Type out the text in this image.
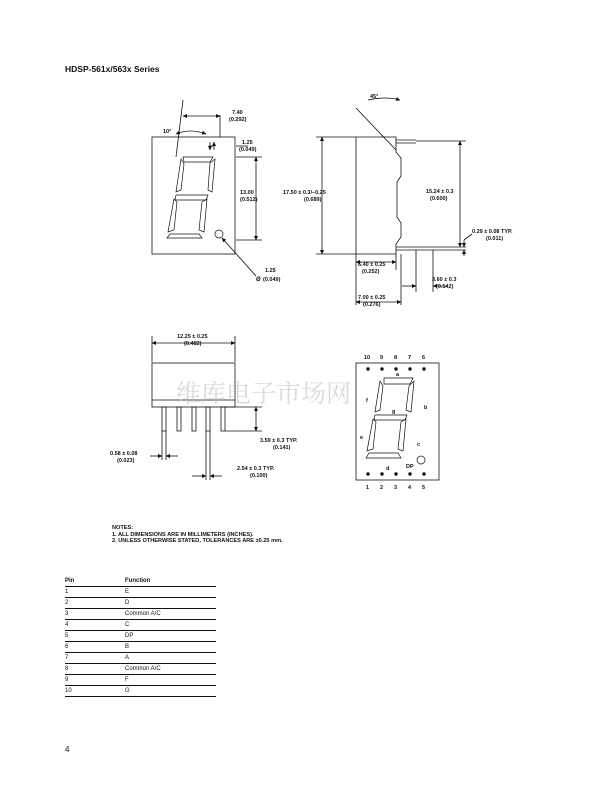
HDSP-561x/563x Series
10°
7.40
(0.292)
1.25
(0.049)
13.00
(0.512)
1.25
Ø (0.049)
45°
17.50 ± 0.3/–0.25
(0.689)
15.24 ± 0.3
(0.600)
0.29 ± 0.08 TYP.
(0.011)
6.40 ± 0.25
(0.252)
3.60 ± 0.3
(0.142)
7.00 ± 0.25
(0.276)
12.25 ± 0.25
(0.482)
0.58 ± 0.08
(0.023)
3.59 ± 0.3 TYP.
(0.141)
2.54 ± 0.3 TYP.
(0.100)
10 9 8 7 6
1 2 3 4 5
a
b
c
d
e
f
g
DP
维库电子市场网
NOTES:
1. ALL DIMENSIONS ARE IN MILLIMETERS (INCHES).
2. UNLESS OTHERWISE STATED, TOLERANCES ARE ±0.25 mm.
Pin	Function
1	E
2	D
3	Common A/C
4	C
5	DP
6	B
7	A
8	Common A/C
9	F
10	G
4
